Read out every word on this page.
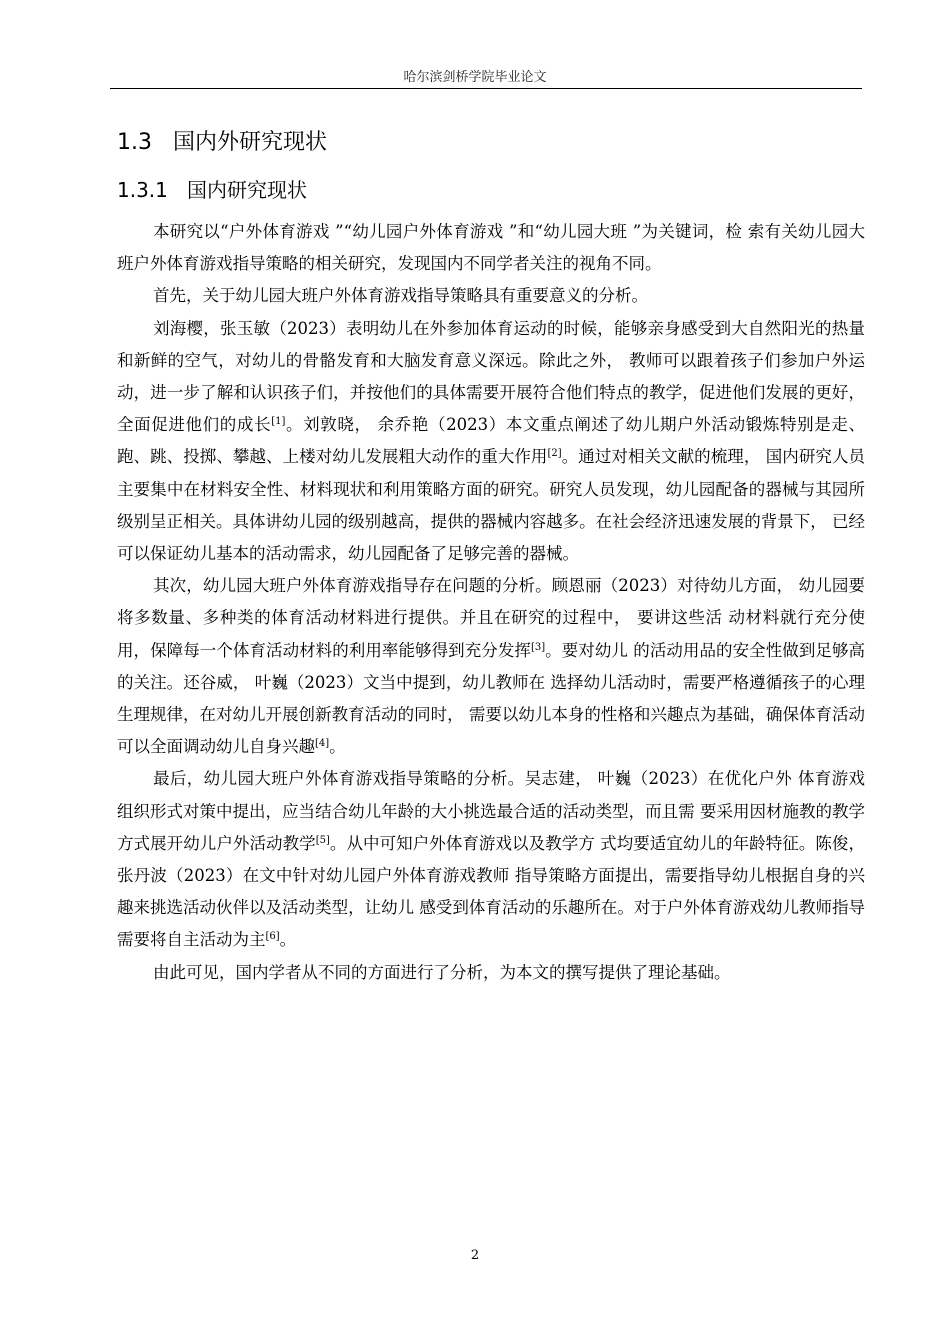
哈尔滨剑桥学院毕业论文
1.3   国内外研究现状
1.3.1   国内研究现状

本研究以“户外体育游戏 ”“幼儿园户外体育游戏 ”和“幼儿园大班 ”为关键词，检 索有关幼儿园大班户外体育游戏指导策略的相关研究，发现国内不同学者关注的视角不同。

首先，关于幼儿园大班户外体育游戏指导策略具有重要意义的分析。

刘海樱，张玉敏（2023）表明幼儿在外参加体育运动的时候，能够亲身感受到大自然阳光的热量和新鲜的空气，对幼儿的骨骼发育和大脑发育意义深远。除此之外， 教师可以跟着孩子们参加户外运动，进一步了解和认识孩子们，并按他们的具体需要开展符合他们特点的教学，促进他们发展的更好，全面促进他们的成长[1]。刘敦晓， 余乔艳（2023）本文重点阐述了幼儿期户外活动锻炼特别是走、跑、跳、投掷、攀越、上楼对幼儿发展粗大动作的重大作用[2]。通过对相关文献的梳理， 国内研究人员主要集中在材料安全性、材料现状和利用策略方面的研究。研究人员发现，幼儿园配备的器械与其园所级别呈正相关。具体讲幼儿园的级别越高，提供的器械内容越多。在社会经济迅速发展的背景下， 已经可以保证幼儿基本的活动需求，幼儿园配备了足够完善的器械。

其次，幼儿园大班户外体育游戏指导存在问题的分析。顾恩丽（2023）对待幼儿方面， 幼儿园要将多数量、多种类的体育活动材料进行提供。并且在研究的过程中， 要讲这些活 动材料就行充分使用，保障每一个体育活动材料的利用率能够得到充分发挥[3]。要对幼儿 的活动用品的安全性做到足够高的关注。还谷威， 叶巍（2023）文当中提到，幼儿教师在 选择幼儿活动时，需要严格遵循孩子的心理生理规律，在对幼儿开展创新教育活动的同时， 需要以幼儿本身的性格和兴趣点为基础，确保体育活动可以全面调动幼儿自身兴趣[4]。

最后，幼儿园大班户外体育游戏指导策略的分析。吴志建， 叶巍（2023）在优化户外 体育游戏组织形式对策中提出，应当结合幼儿年龄的大小挑选最合适的活动类型，而且需 要采用因材施教的教学方式展开幼儿户外活动教学[5]。从中可知户外体育游戏以及教学方 式均要适宜幼儿的年龄特征。陈俊， 张丹波（2023）在文中针对幼儿园户外体育游戏教师 指导策略方面提出，需要指导幼儿根据自身的兴趣来挑选活动伙伴以及活动类型，让幼儿 感受到体育活动的乐趣所在。对于户外体育游戏幼儿教师指导需要将自主活动为主[6]。

由此可见，国内学者从不同的方面进行了分析，为本文的撰写提供了理论基础。

2
